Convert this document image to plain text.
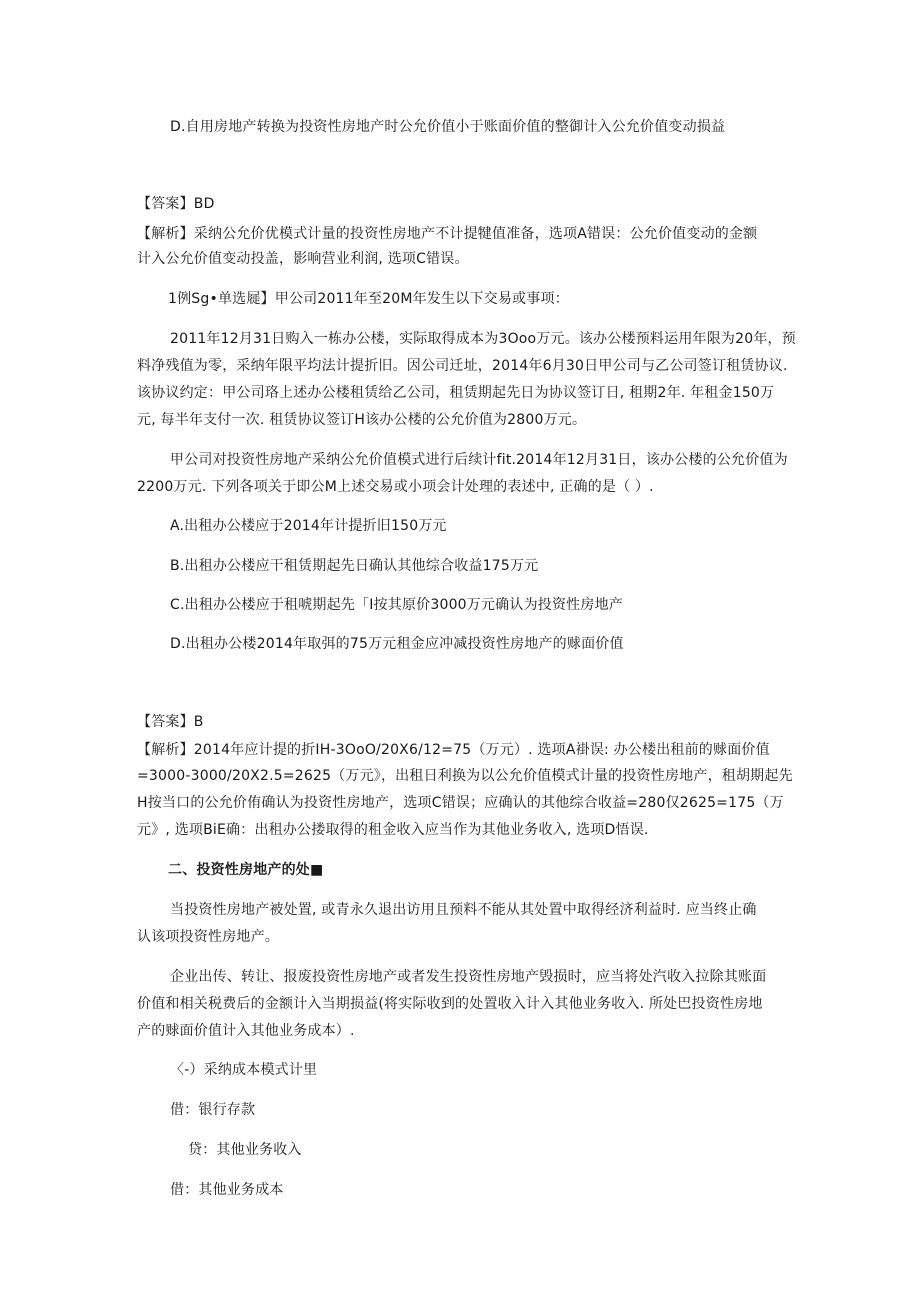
D.自用房地产转换为投资性房地产时公允价值小于账面价值的整御计入公允价值变动损益
【答案】BD
【解析】采纳公允价优模式计量的投资性房地产不计提犍值准备，选项A错误：公允价值变动的金额
计入公允价值变动投盖，影响营业利润, 选项C错误。
1例Sg•单选屣】甲公司2011年至20M年发生以下交易或事项：
2011年12月31日购入一栋办公楼，实际取得成本为3Ooo万元。该办公楼预料运用年限为20年，预
料净残值为零，采纳年限平均法计提折旧。因公司迁址，2014年6月30日甲公司与乙公司签订租赁协议.
该协议约定：甲公司珞上述办公楼租赁给乙公司，租赁期起先日为协议签订日, 租期2年. 年租金150万
元, 每半年支付一次. 租赁协议签订H该办公楼的公允价值为2800万元。
甲公司对投资性房地产采纳公允价值模式进行后续计fit.2014年12月31日，该办公楼的公允价值为
2200万元. 下列各项关于即公M上述交易或小项会计处理的表述中, 正确的是（ ）.
A.出租办公楼应于2014年计提折旧150万元
B.出租办公楼应干租赁期起先日确认其他综合收益175万元
C.出租办公楼应于租唬期起先「I按其原价3000万元确认为投资性房地产
D.出租办公楼2014年取弭的75万元租金应冲减投资性房地产的赇面价值
【答案】B
【解析】2014年应计提的折IH-3OoO/20X6/12=75（万元）. 选项A褂误: 办公楼出租前的赇面价值
=3000-3000/20X2.5=2625（万元》，出租日利换为以公允价值模式计量的投资性房地产，租胡期起先
H按当口的公允价侑确认为投资性房地产，选项C错误；应确认的其他综合收益=280仅2625=175（万
元》, 选项BiE确：出租办公搂取得的租金收入应当作为其他业务收入, 选项D悟误.
二、投资性房地产的处■
当投资性房地产被处置, 或青永久退出访用且预料不能从其处置中取得经济利益时. 应当终止确
认该项投资性房地产。
企业出传、转让、报废投资性房地产或者发生投资性房地产毁损时，应当将处汽收入拉除其账面
价值和相关税费后的金额计入当期损益(将实际收到的处置收入计入其他业务收入. 所处巴投资性房地
产的赇面价值计入其他业务成本）.
〈-）采纳成本模式计里
借：银行存款
贷：其他业务收入
借：其他业务成本
